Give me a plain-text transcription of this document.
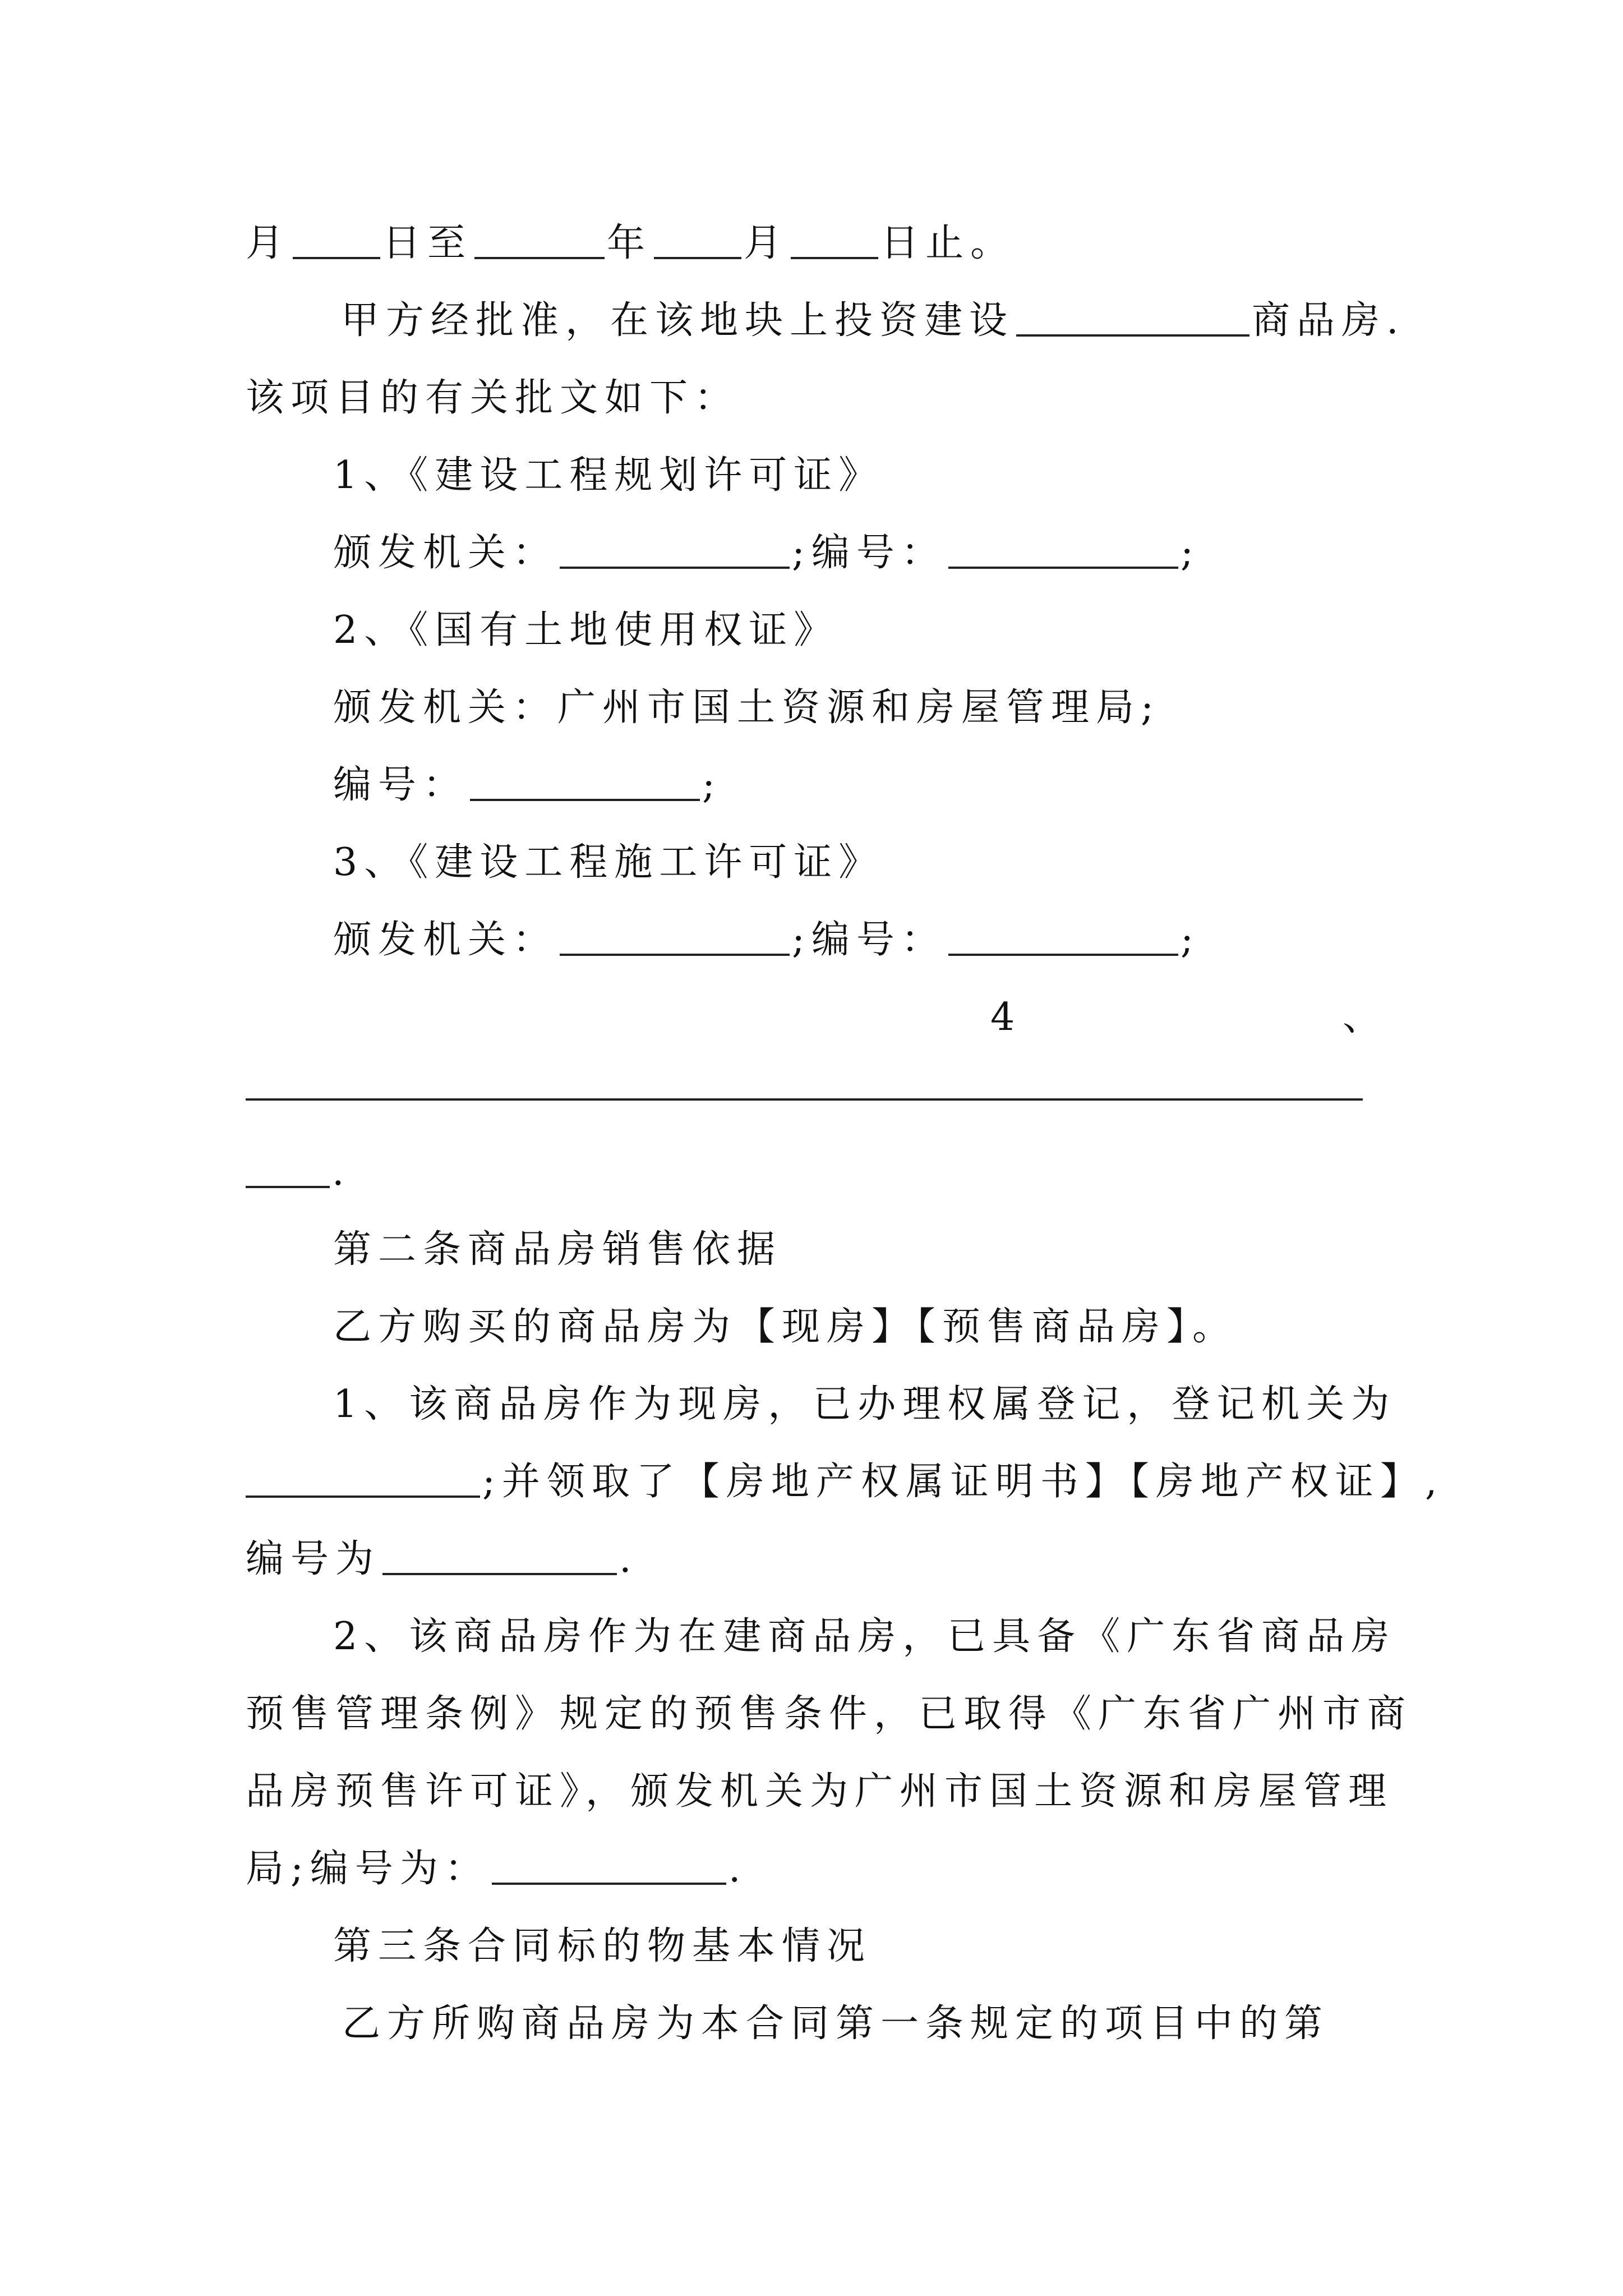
月 日至	年 月 日止。
甲方经批准，在该地块上投资建设	商品房.
该项目的有关批文如下：
1、《建设工程规划许可证》
颁发机关：	;编号：	;
2、《国有土地使用权证》
颁发机关：广州市国土资源和房屋管理局;
编号：	;
3、《建设工程施工许可证》
颁发机关：	;编号：	;
4	、
.
第二条商品房销售依据
乙方购买的商品房为【现房】【预售商品房】。
1、该商品房作为现房，已办理权属登记，登记机关为
;并领取了【房地产权属证明书】【房地产权证】,
编号为	.
2、该商品房作为在建商品房，已具备《广东省商品房
预售管理条例》规定的预售条件，已取得《广东省广州市商
品房预售许可证》，颁发机关为广州市国土资源和房屋管理
局;编号为：	.
第三条合同标的物基本情况
乙方所购商品房为本合同第一条规定的项目中的第
